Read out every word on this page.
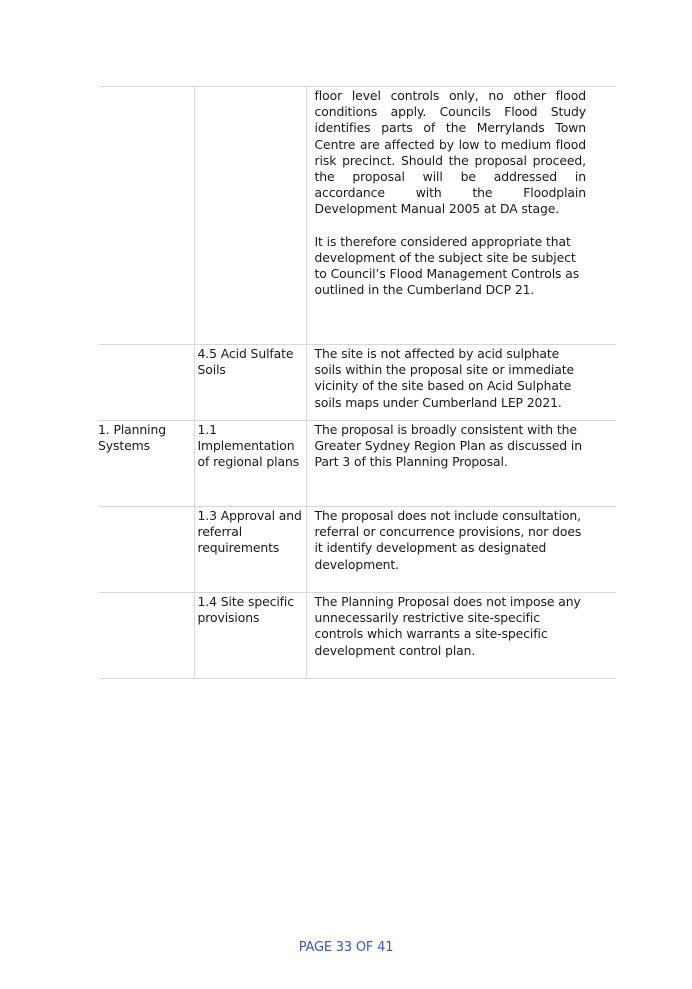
		floor level controls only, no other flood conditions apply. Councils Flood Study identifies parts of the Merrylands Town Centre are affected by low to medium flood risk precinct. Should the proposal proceed, the proposal will be addressed in accordance with the Floodplain Development Manual 2005 at DA stage.

It is therefore considered appropriate that development of the subject site be subject to Council’s Flood Management Controls as outlined in the Cumberland DCP 21.

	4.5 Acid Sulfate Soils	The site is not affected by acid sulphate soils within the proposal site or immediate vicinity of the site based on Acid Sulphate soils maps under Cumberland LEP 2021.

1. Planning Systems	1.1 Implementation of regional plans	The proposal is broadly consistent with the Greater Sydney Region Plan as discussed in Part 3 of this Planning Proposal.

	1.3 Approval and referral requirements	The proposal does not include consultation, referral or concurrence provisions, nor does it identify development as designated development.

	1.4 Site specific provisions	The Planning Proposal does not impose any unnecessarily restrictive site-specific controls which warrants a site-specific development control plan.

PAGE 33 OF 41
